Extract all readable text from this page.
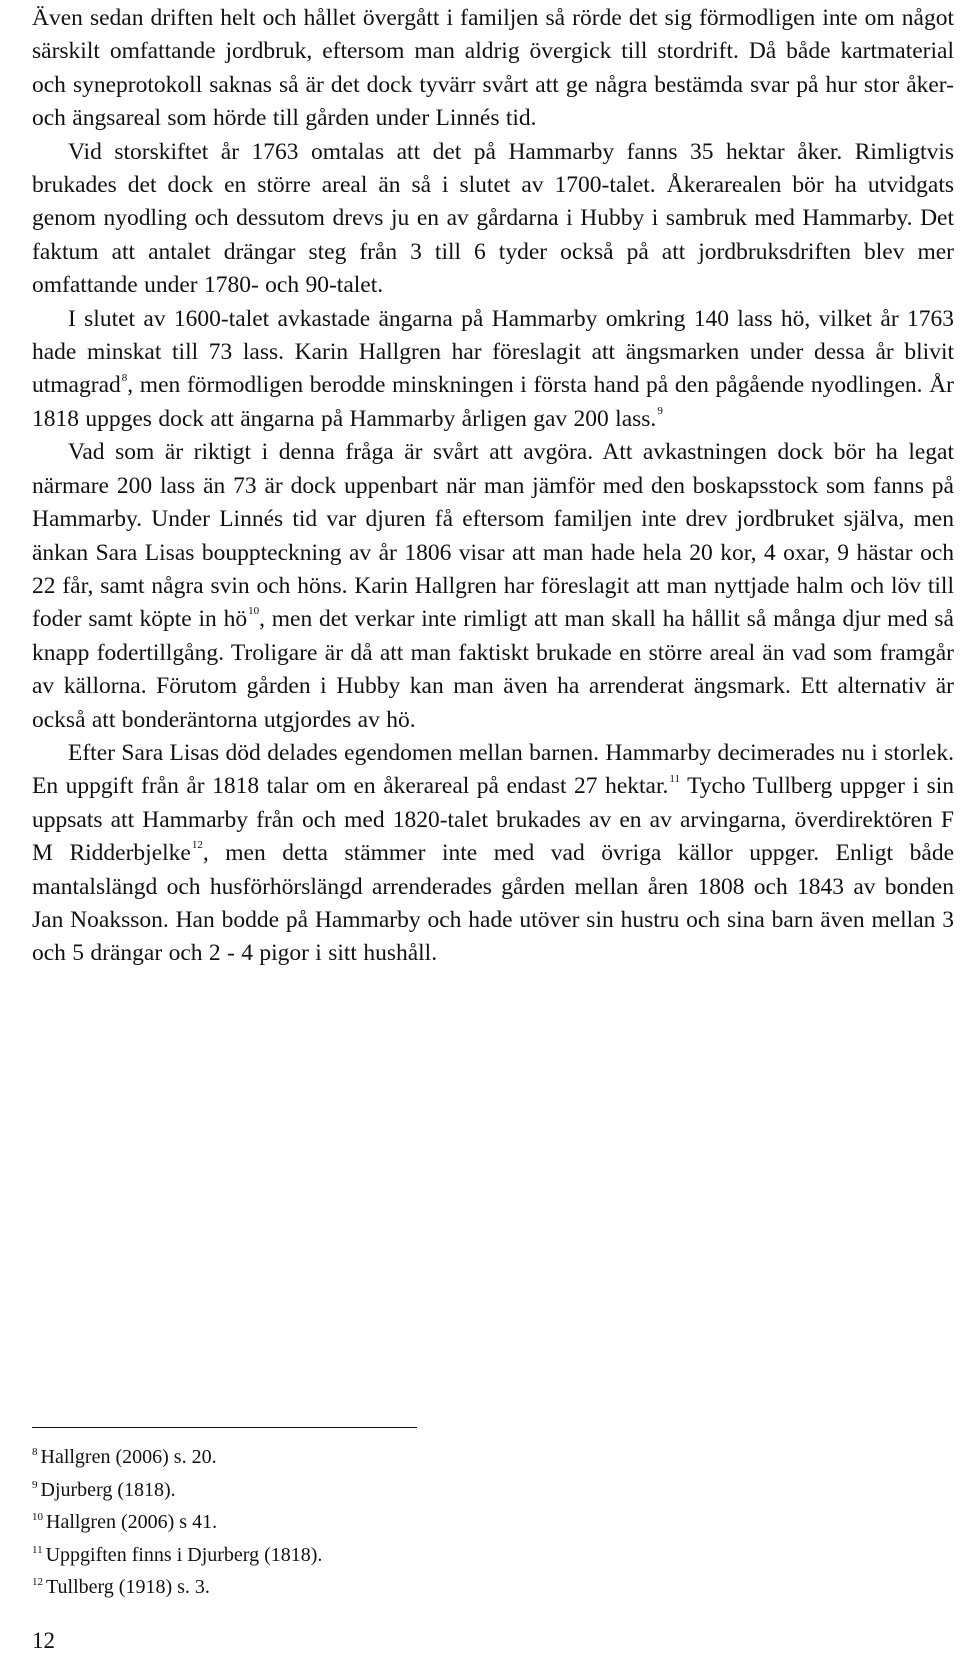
Även sedan driften helt och hållet övergått i familjen så rörde det sig förmodligen inte om något särskilt omfattande jordbruk, eftersom man aldrig övergick till stordrift. Då både kartmaterial och syneprotokoll saknas så är det dock tyvärr svårt att ge några bestämda svar på hur stor åker- och ängsareal som hörde till gården under Linnés tid.

Vid storskiftet år 1763 omtalas att det på Hammarby fanns 35 hektar åker. Rimligtvis brukades det dock en större areal än så i slutet av 1700-talet. Åkerarealen bör ha utvidgats genom nyodling och dessutom drevs ju en av gårdarna i Hubby i sambruk med Hammarby. Det faktum att antalet drängar steg från 3 till 6 tyder också på att jordbruksdriften blev mer omfattande under 1780- och 90-talet.

I slutet av 1600-talet avkastade ängarna på Hammarby omkring 140 lass hö, vilket år 1763 hade minskat till 73 lass. Karin Hallgren har föreslagit att ängsmarken under dessa år blivit utmagrad$^8$, men förmodligen berodde minskningen i första hand på den pågående nyodlingen. År 1818 uppges dock att ängarna på Hammarby årligen gav 200 lass.$^9$

Vad som är riktigt i denna fråga är svårt att avgöra. Att avkastningen dock bör ha legat närmare 200 lass än 73 är dock uppenbart när man jämför med den boskapsstock som fanns på Hammarby. Under Linnés tid var djuren få eftersom familjen inte drev jordbruket själva, men änkan Sara Lisas bouppteckning av år 1806 visar att man hade hela 20 kor, 4 oxar, 9 hästar och 22 får, samt några svin och höns. Karin Hallgren har föreslagit att man nyttjade halm och löv till foder samt köpte in hö$^{10}$, men det verkar inte rimligt att man skall ha hållit så många djur med så knapp fodertillgång. Troligare är då att man faktiskt brukade en större areal än vad som framgår av källorna. Förutom gården i Hubby kan man även ha arrenderat ängsmark. Ett alternativ är också att bonderäntorna utgjordes av hö.

Efter Sara Lisas död delades egendomen mellan barnen. Hammarby decimerades nu i storlek. En uppgift från år 1818 talar om en åkerareal på endast 27 hektar.$^{11}$ Tycho Tullberg uppger i sin uppsats att Hammarby från och med 1820-talet brukades av en av arvingarna, överdirektören F M Ridderbjelke$^{12}$, men detta stämmer inte med vad övriga källor uppger. Enligt både mantalslängd och husförhörslängd arrenderades gården mellan åren 1808 och 1843 av bonden Jan Noaksson. Han bodde på Hammarby och hade utöver sin hustru och sina barn även mellan 3 och 5 drängar och 2 - 4 pigor i sitt hushåll.

$^8$ Hallgren (2006) s. 20.
$^9$ Djurberg (1818).
$^{10}$ Hallgren (2006) s 41.
$^{11}$ Uppgiften finns i Djurberg (1818).
$^{12}$ Tullberg (1918) s. 3.
12
